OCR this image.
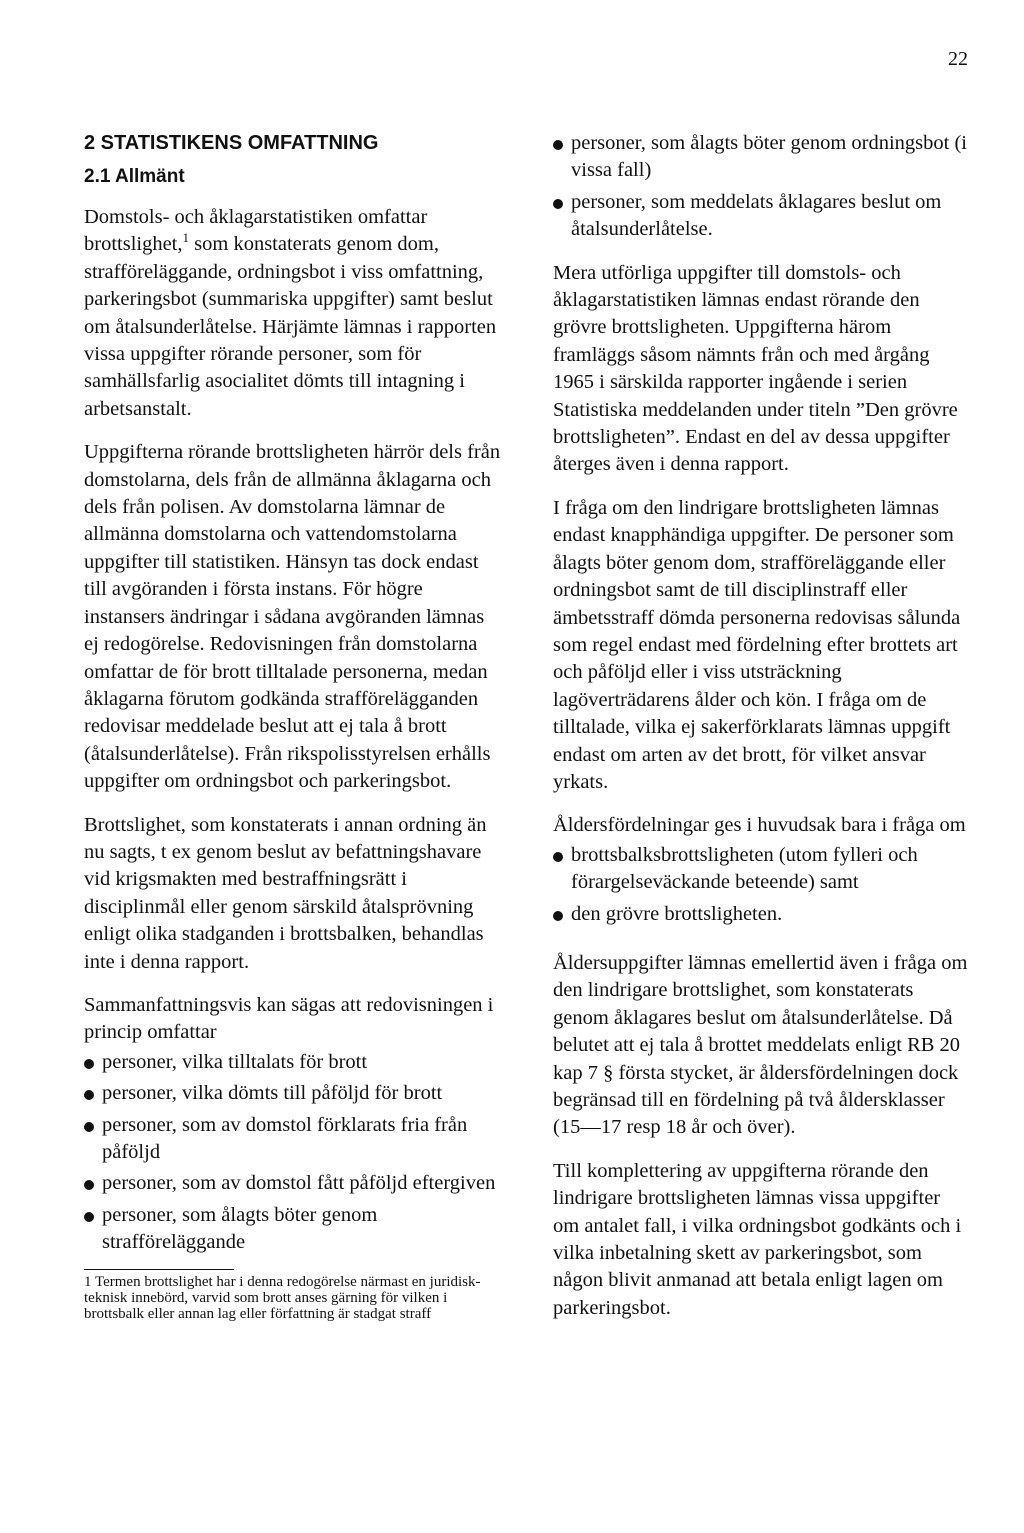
22
2 STATISTIKENS OMFATTNING
2.1 Allmänt

Domstols- och åklagarstatistiken omfattar brottslighet,$^1$ som konstaterats genom dom, strafföreläggande, ordningsbot i viss omfattning, parkeringsbot (summariska uppgifter) samt beslut om åtalsunderlåtelse. Härjämte lämnas i rapporten vissa uppgifter rörande personer, som för samhällsfarlig asocialitet dömts till intagning i arbetsanstalt.

Uppgifterna rörande brottsligheten härrör dels från domstolarna, dels från de allmänna åklagarna och dels från polisen. Av domstolarna lämnar de allmänna domstolarna och vattendomstolarna uppgifter till statistiken. Hänsyn tas dock endast till avgöranden i första instans. För högre instansers ändringar i sådana avgöranden lämnas ej redogörelse. Redovisningen från domstolarna omfattar de för brott tilltalade personerna, medan åklagarna förutom godkända strafförelägganden redovisar meddelade beslut att ej tala å brott (åtalsunderlåtelse). Från rikspolisstyrelsen erhålls uppgifter om ordningsbot och parkeringsbot.

Brottslighet, som konstaterats i annan ordning än nu sagts, t ex genom beslut av befattningshavare vid krigsmakten med bestraffningsrätt i disciplinmål eller genom särskild åtalsprövning enligt olika stadganden i brottsbalken, behandlas inte i denna rapport.

Sammanfattningsvis kan sägas att redovisningen i princip omfattar

personer, vilka tilltalats för brott
personer, vilka dömts till påföljd för brott
personer, som av domstol förklarats fria från påföljd
personer, som av domstol fått påföljd eftergiven
personer, som ålagts böter genom strafföreläggande
1 Termen brottslighet har i denna redogörelse närmast en juridisk-teknisk innebörd, varvid som brott anses gärning för vilken i brottsbalk eller annan lag eller författning är stadgat straff
personer, som ålagts böter genom ordningsbot (i vissa fall)
personer, som meddelats åklagares beslut om åtalsunderlåtelse.

Mera utförliga uppgifter till domstols- och åklagarstatistiken lämnas endast rörande den grövre brottsligheten. Uppgifterna härom framläggs såsom nämnts från och med årgång 1965 i särskilda rapporter ingående i serien Statistiska meddelanden under titeln ”Den grövre brottsligheten”. Endast en del av dessa uppgifter återges även i denna rapport.

I fråga om den lindrigare brottsligheten lämnas endast knapphändiga uppgifter. De personer som ålagts böter genom dom, strafföreläggande eller ordningsbot samt de till disciplinstraff eller ämbetsstraff dömda personerna redovisas sålunda som regel endast med fördelning efter brottets art och påföljd eller i viss utsträckning lagöverträdarens ålder och kön. I fråga om de tilltalade, vilka ej sakerförklarats lämnas uppgift endast om arten av det brott, för vilket ansvar yrkats.

Åldersfördelningar ges i huvudsak bara i fråga om

brottsbalksbrottsligheten (utom fylleri och förargelseväckande beteende) samt
den grövre brottsligheten.

Åldersuppgifter lämnas emellertid även i fråga om den lindrigare brottslighet, som konstaterats genom åklagares beslut om åtalsunderlåtelse. Då belutet att ej tala å brottet meddelats enligt RB 20 kap 7 § första stycket, är åldersfördelningen dock begränsad till en fördelning på två åldersklasser (15—17 resp 18 år och över).

Till komplettering av uppgifterna rörande den lindrigare brottsligheten lämnas vissa uppgifter om antalet fall, i vilka ordningsbot godkänts och i vilka inbetalning skett av parkeringsbot, som någon blivit anmanad att betala enligt lagen om parkeringsbot.
